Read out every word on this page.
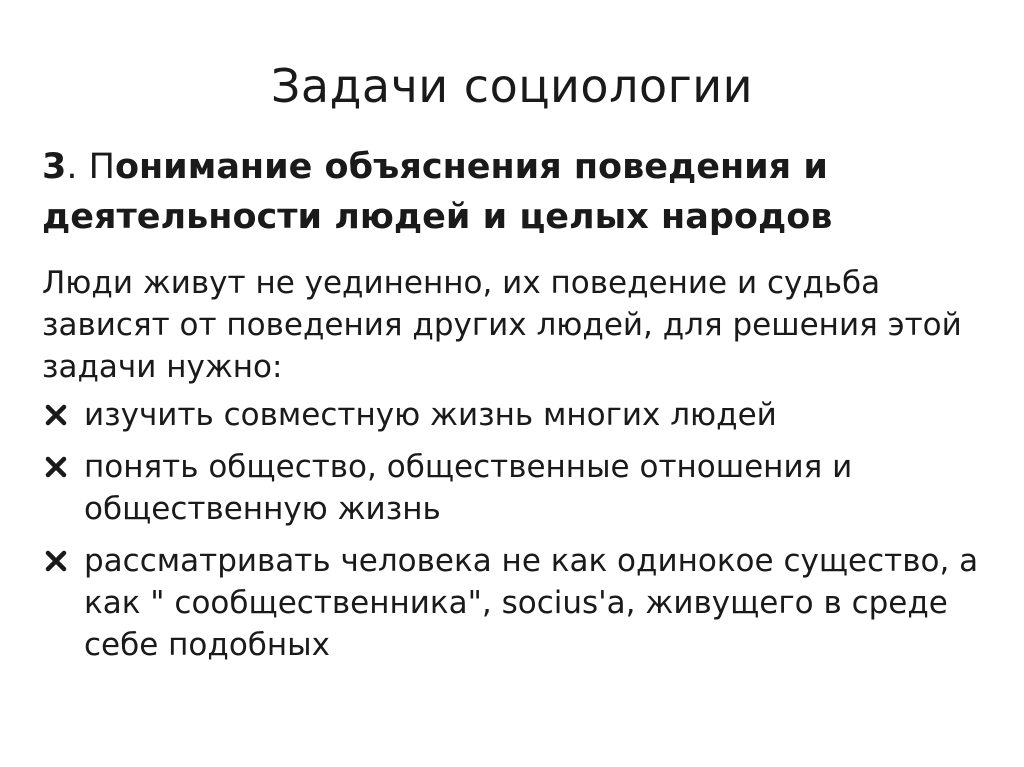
Задачи социологии
3. Понимание объяснения поведения и деятельности людей и целых народов
Люди живут не уединенно, их поведение и судьба зависят от поведения других людей, для решения этой задачи нужно:
изучить совместную жизнь многих людей
понять общество, общественные отношения и общественную жизнь
рассматривать человека не как одинокое существо, а как " сообщественника", socius'a, живущего в среде себе подобных
